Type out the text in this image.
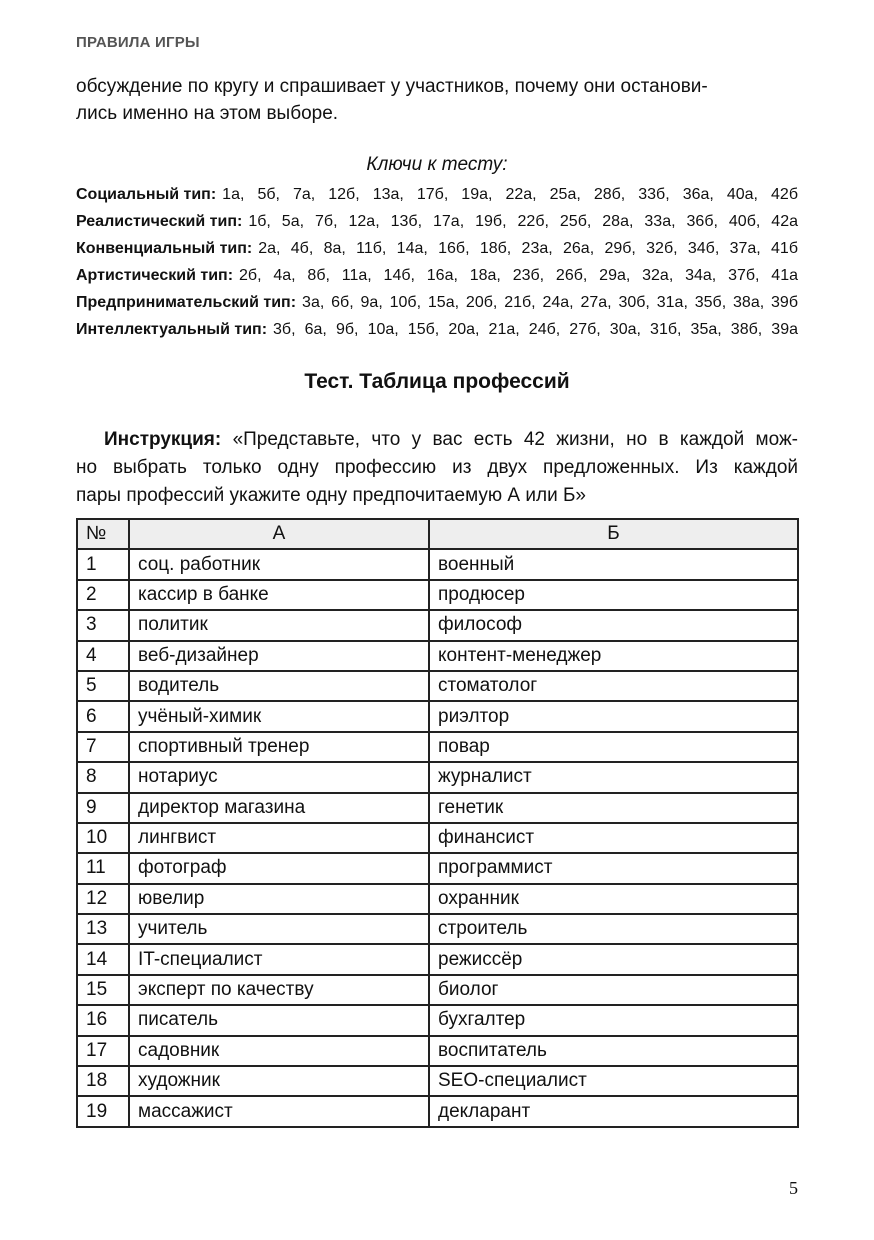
ПРАВИЛА ИГРЫ
обсуждение по кругу и спрашивает у участников, почему они останови-
лись именно на этом выборе.
Ключи к тесту:
Социальный тип: 1а, 5б, 7а, 12б, 13а, 17б, 19а, 22а, 25а, 28б, 33б, 36а, 40а, 42б
Реалистический тип: 1б, 5а, 7б, 12а, 13б, 17а, 19б, 22б, 25б, 28а, 33а, 36б, 40б, 42а
Конвенциальный тип: 2а, 4б, 8а, 11б, 14а, 16б, 18б, 23а, 26а, 29б, 32б, 34б, 37а, 41б
Артистический тип: 2б, 4а, 8б, 11а, 14б, 16а, 18а, 23б, 26б, 29а, 32а, 34а, 37б, 41а
Предпринимательский тип: 3а, 6б, 9а, 10б, 15а, 20б, 21б, 24а, 27а, 30б, 31а, 35б, 38а, 39б
Интеллектуальный тип: 3б, 6а, 9б, 10а, 15б, 20а, 21а, 24б, 27б, 30а, 31б, 35а, 38б, 39а
Тест. Таблица профессий
Инструкция: «Представьте, что у вас есть 42 жизни, но в каждой мож-
но выбрать только одну профессию из двух предложенных. Из каждой
пары профессий укажите одну предпочитаемую А или Б»
№	А	Б
1	соц. работник	военный
2	кассир в банке	продюсер
3	политик	философ
4	веб-дизайнер	контент-менеджер
5	водитель	стоматолог
6	учёный-химик	риэлтор
7	спортивный тренер	повар
8	нотариус	журналист
9	директор магазина	генетик
10	лингвист	финансист
11	фотограф	программист
12	ювелир	охранник
13	учитель	строитель
14	IT-специалист	режиссёр
15	эксперт по качеству	биолог
16	писатель	бухгалтер
17	садовник	воспитатель
18	художник	SEO-специалист
19	массажист	декларант
5
